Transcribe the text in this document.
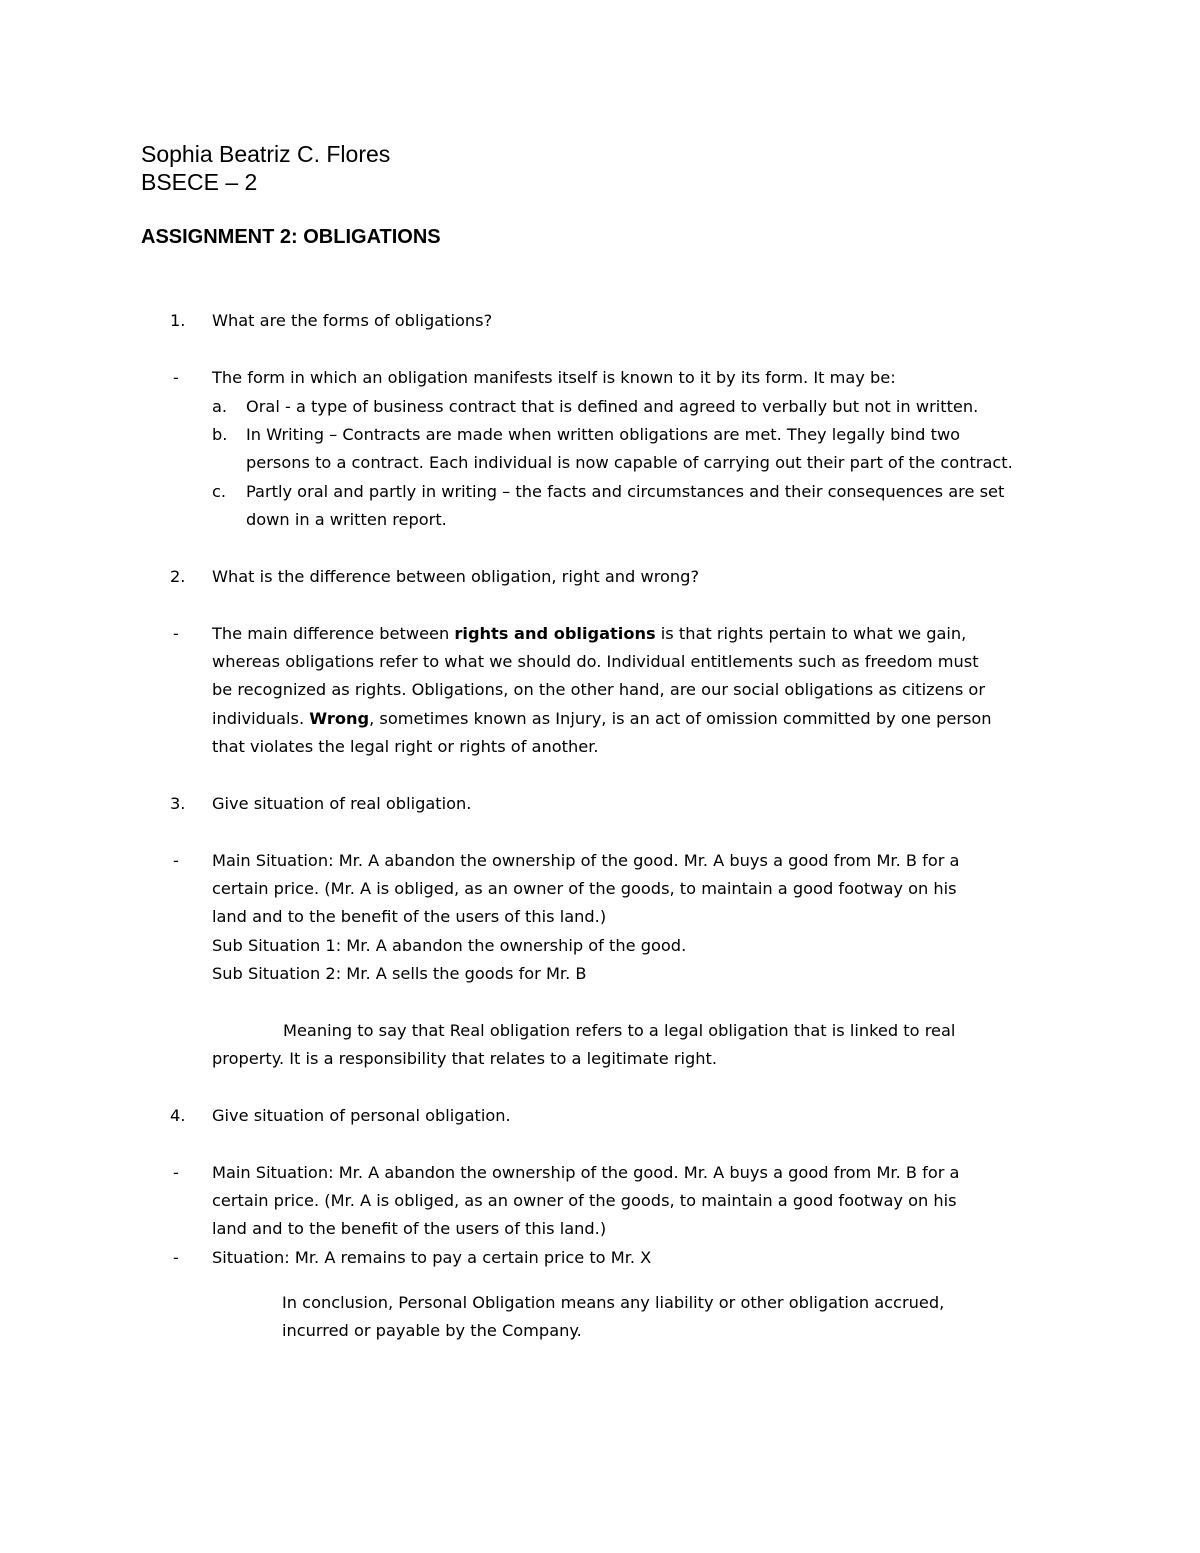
Sophia Beatriz C. Flores
BSECE – 2
ASSIGNMENT 2: OBLIGATIONS
1. What are the forms of obligations?
- The form in which an obligation manifests itself is known to it by its form. It may be:
a. Oral - a type of business contract that is defined and agreed to verbally but not in written.
b. In Writing – Contracts are made when written obligations are met. They legally bind two
persons to a contract. Each individual is now capable of carrying out their part of the contract.
c. Partly oral and partly in writing – the facts and circumstances and their consequences are set
down in a written report.
2. What is the difference between obligation, right and wrong?
- The main difference between rights and obligations is that rights pertain to what we gain,
whereas obligations refer to what we should do. Individual entitlements such as freedom must
be recognized as rights. Obligations, on the other hand, are our social obligations as citizens or
individuals. Wrong, sometimes known as Injury, is an act of omission committed by one person
that violates the legal right or rights of another.
3. Give situation of real obligation.
- Main Situation: Mr. A abandon the ownership of the good. Mr. A buys a good from Mr. B for a
certain price. (Mr. A is obliged, as an owner of the goods, to maintain a good footway on his
land and to the benefit of the users of this land.)
Sub Situation 1: Mr. A abandon the ownership of the good.
Sub Situation 2: Mr. A sells the goods for Mr. B
Meaning to say that Real obligation refers to a legal obligation that is linked to real
property. It is a responsibility that relates to a legitimate right.
4. Give situation of personal obligation.
- Main Situation: Mr. A abandon the ownership of the good. Mr. A buys a good from Mr. B for a
certain price. (Mr. A is obliged, as an owner of the goods, to maintain a good footway on his
land and to the benefit of the users of this land.)
- Situation: Mr. A remains to pay a certain price to Mr. X
In conclusion, Personal Obligation means any liability or other obligation accrued,
incurred or payable by the Company.
